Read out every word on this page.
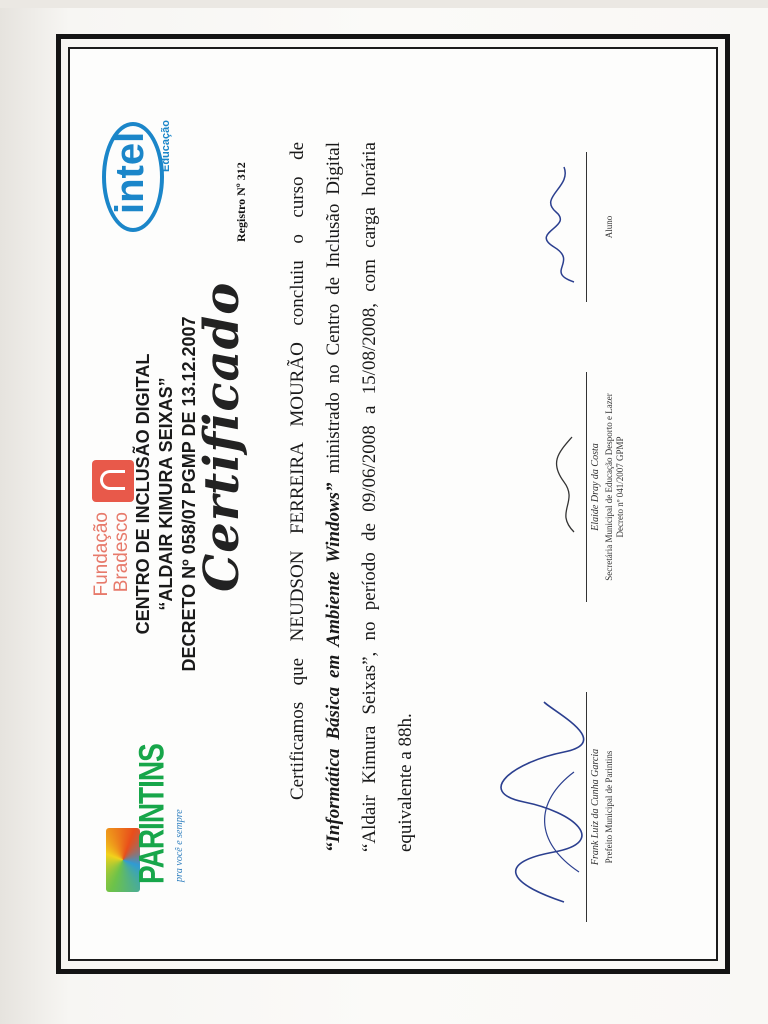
pra você e sempre
PARINTINS
Fundação Bradesco CENTRO DE INCLUSÃO DIGITAL “ALDAIR KIMURA SEIXAS” DECRETO Nº 058/07 PGMP DE 13.12.2007
intel Educação
Certificado
Registro Nº 312	Certificamos que NEUDSON FERREIRA MOURÃO concluiu o curso de “Informática Básica em Ambiente Windows” ministrado no Centro de Inclusão Digital “Aldair Kimura Seixas”, no período de 09/06/2008 a 15/08/2008, com carga horária equivalente a 88h.	Frank Luiz da Cunha Garcia Prefeito Municipal de Parintins
Elaide Dray da Costa Secretária Municipal de Educação Desporto e Lazer Decreto nº 041/2007 GPMP
Aluno
